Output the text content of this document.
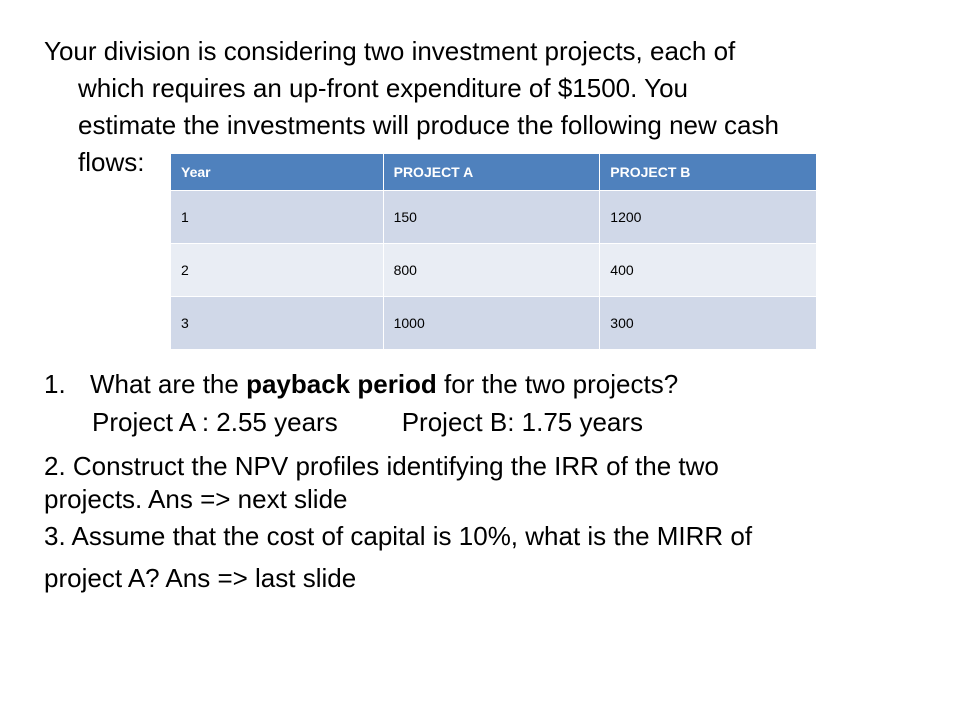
Your division is considering two investment projects, each of
which requires an up-front expenditure of $1500. You
estimate the investments will produce the following new cash
flows:	Year	PROJECT A	PROJECT B
1	150	1200
2	800	400
3	1000	300
1. What are the payback period for the two projects?
Project A : 2.55 years Project B: 1.75 years
2. Construct the NPV profiles identifying the IRR of the two
projects. Ans => next slide
3. Assume that the cost of capital is 10%, what is the MIRR of
project A? Ans => last slide
